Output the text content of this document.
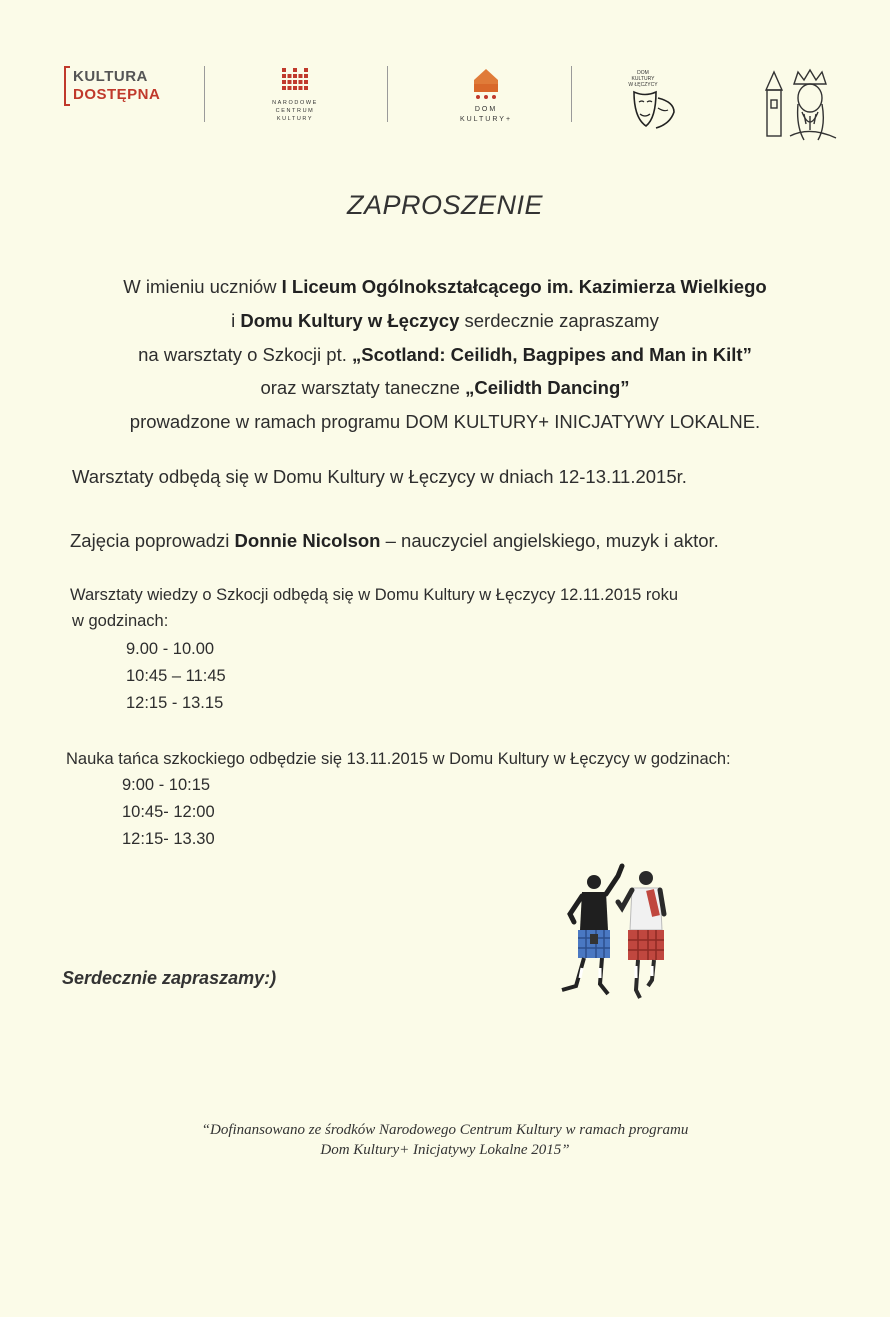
KULTURA
DOSTĘPNA	NARODOWE
CENTRUM
KULTURY
DOM
KULTURY+
DOM KULTURY
W ŁĘCZYCY
ZAPROSZENIE
W imieniu uczniów I Liceum Ogólnokształcącego im. Kazimierza Wielkiego
i Domu Kultury w Łęczycy serdecznie zapraszamy
na warsztaty o Szkocji pt. „Scotland: Ceilidh, Bagpipes and Man in Kilt”
oraz warsztaty taneczne „Ceilidth Dancing”
prowadzone w ramach programu DOM KULTURY+ INICJATYWY LOKALNE.
Warsztaty odbędą się w Domu Kultury w Łęczycy w dniach 12-13.11.2015r.
Zajęcia poprowadzi Donnie Nicolson – nauczyciel angielskiego, muzyk i aktor.
Warsztaty wiedzy o Szkocji odbędą się w Domu Kultury w Łęczycy 12.11.2015 roku
w godzinach:
9.00 - 10.00
10:45 – 11:45
12:15 - 13.15
Nauka tańca szkockiego odbędzie się 13.11.2015 w Domu Kultury w Łęczycy w godzinach:
9:00 - 10:15
10:45- 12:00
12:15- 13.30
Serdecznie zapraszamy:)
“Dofinansowano ze środków Narodowego Centrum Kultury w ramach programu
Dom Kultury+ Inicjatywy Lokalne 2015”
